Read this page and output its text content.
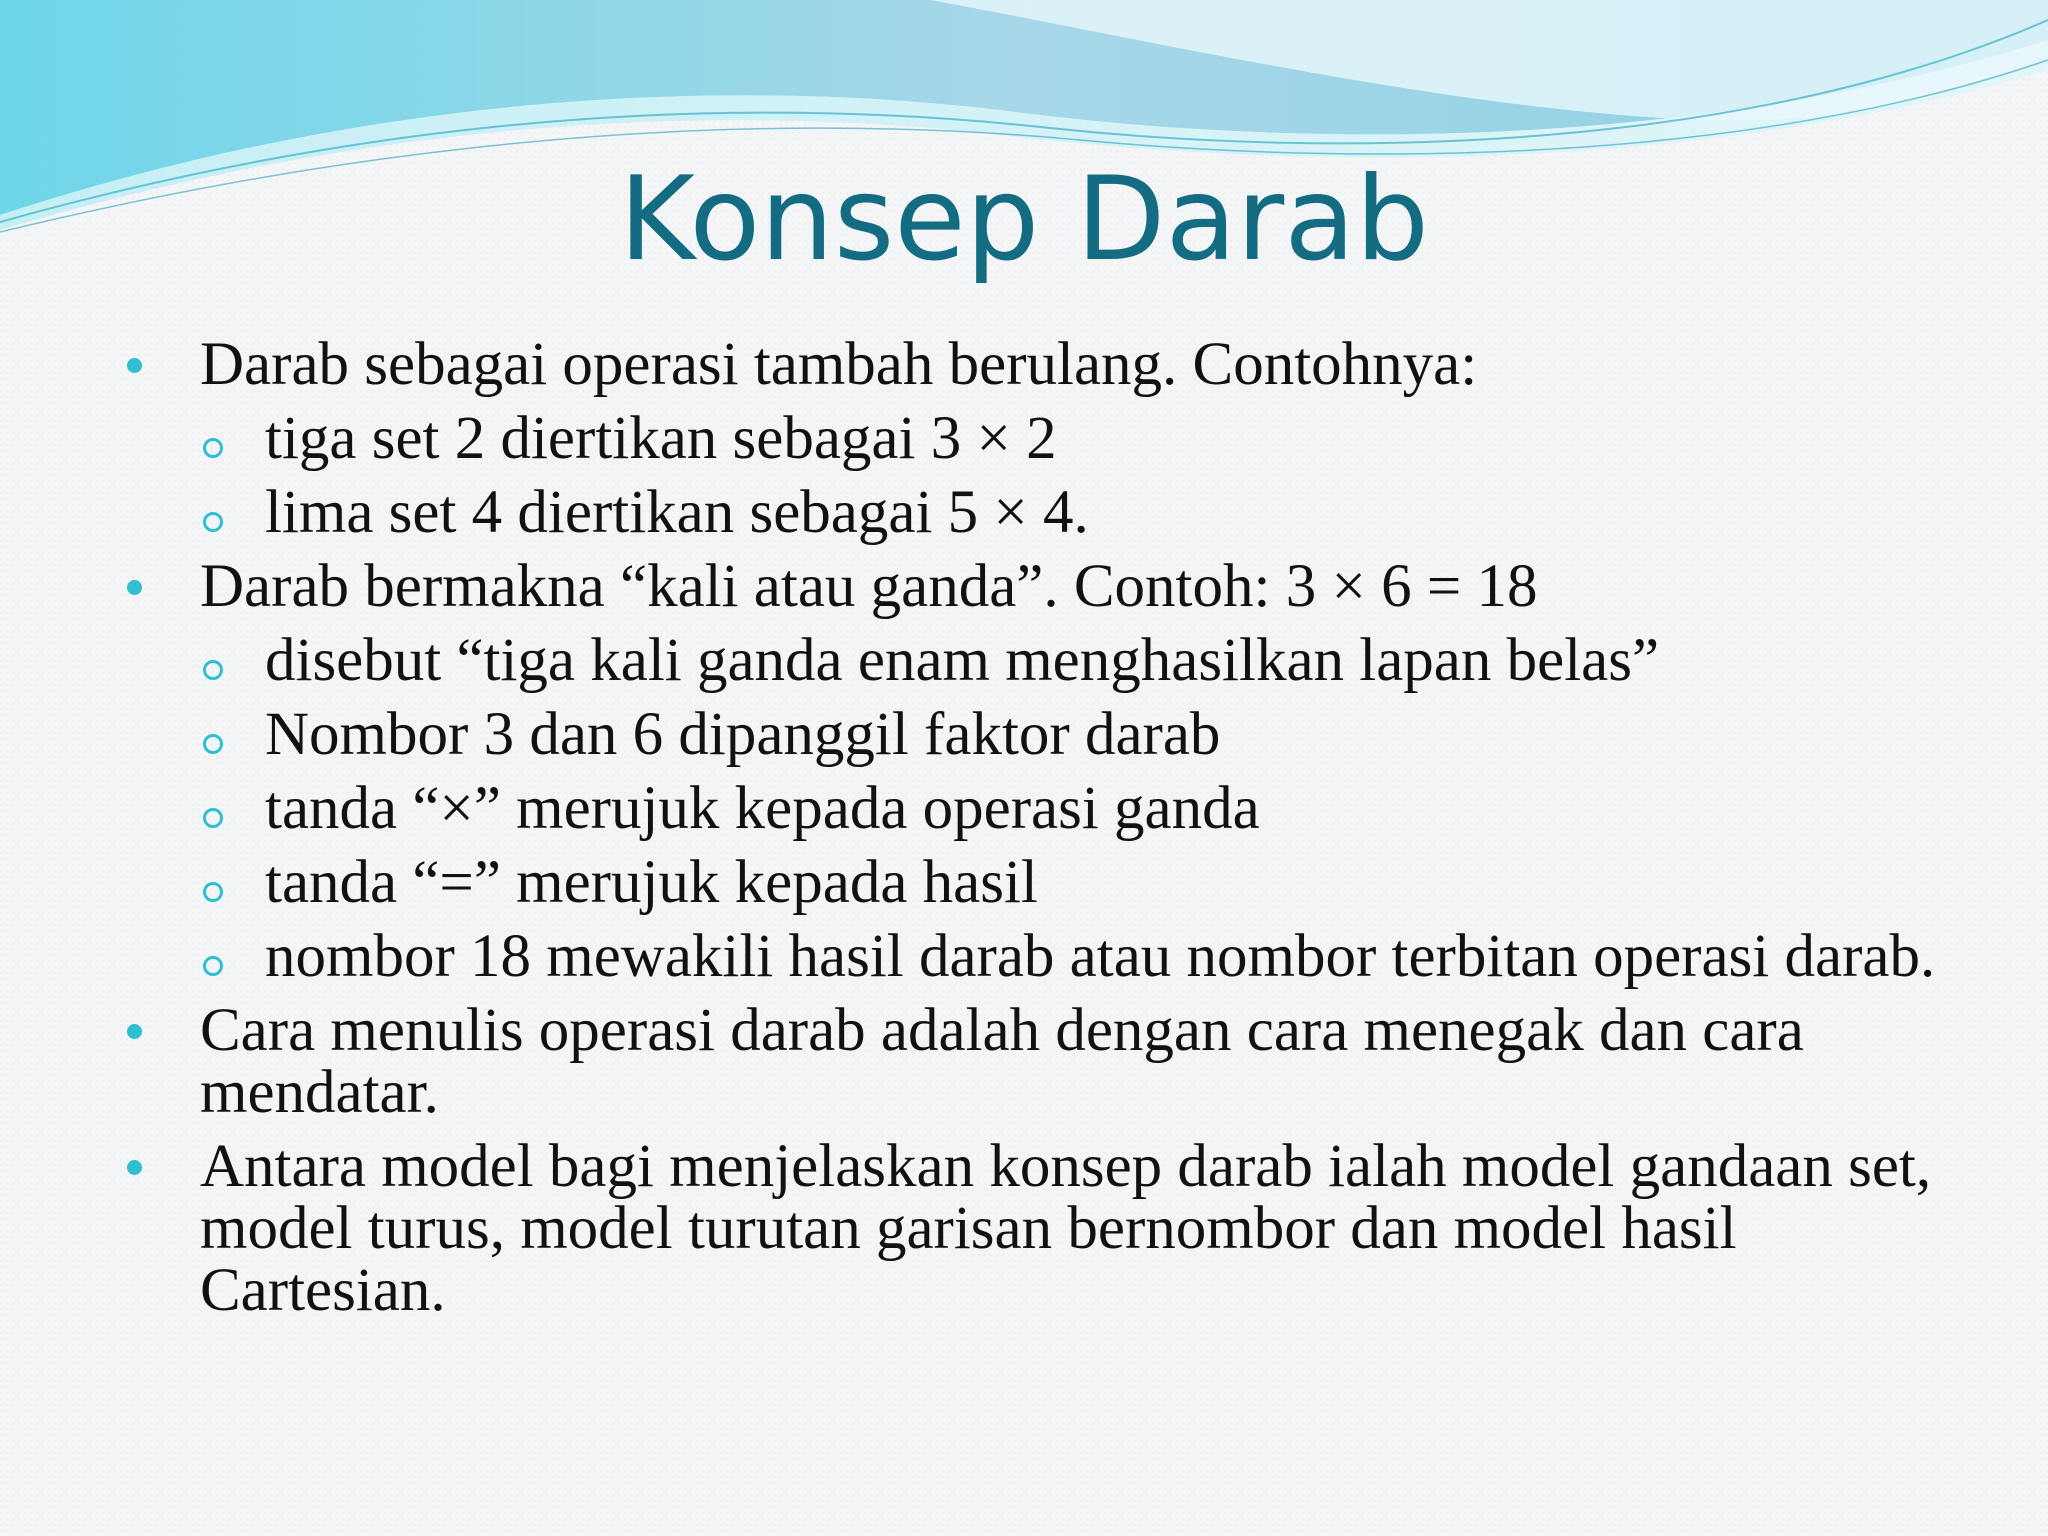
Konsep Darab
Darab sebagai operasi tambah berulang. Contohnya:
tiga set 2 diertikan sebagai 3 × 2
lima set 4 diertikan sebagai 5 × 4.
Darab bermakna “kali atau ganda”. Contoh: 3 × 6 = 18
disebut “tiga kali ganda enam menghasilkan lapan belas”
Nombor 3 dan 6 dipanggil faktor darab
tanda “×” merujuk kepada operasi ganda
tanda “=” merujuk kepada hasil
nombor 18 mewakili hasil darab atau nombor terbitan operasi darab.
Cara menulis operasi darab adalah dengan cara menegak dan cara mendatar.
Antara model bagi menjelaskan konsep darab ialah model gandaan set, model turus, model turutan garisan bernombor dan model hasil Cartesian.
